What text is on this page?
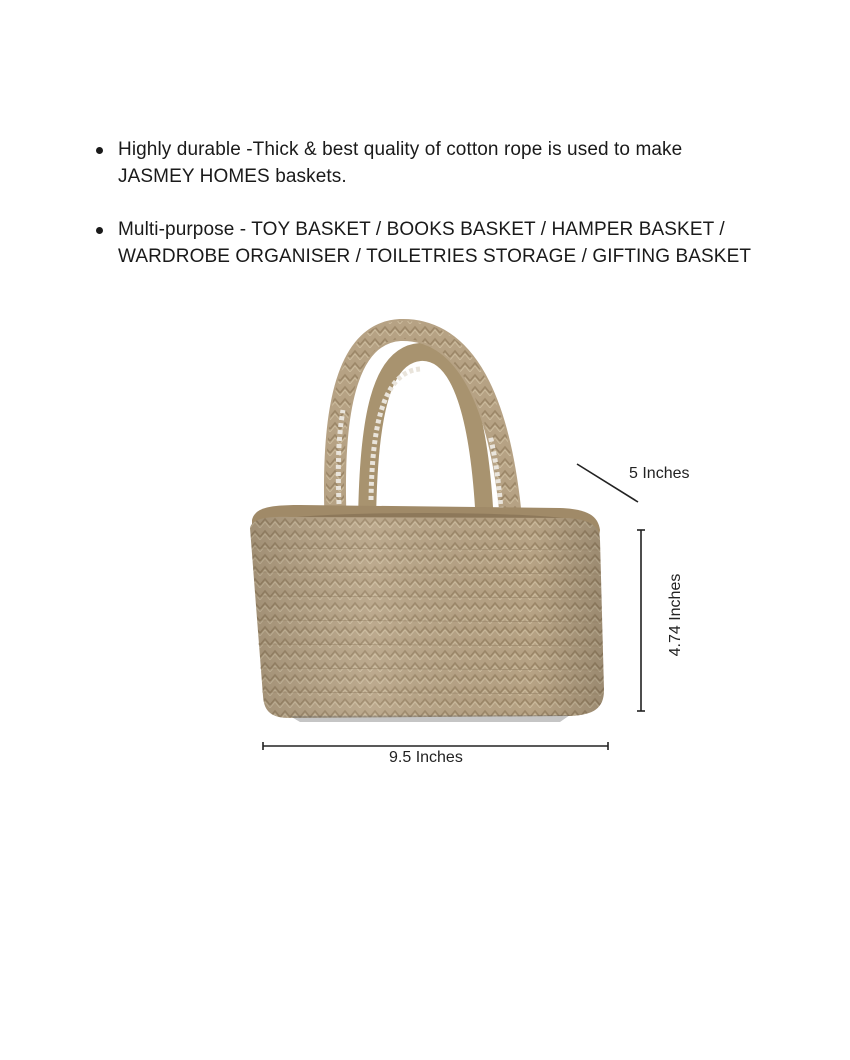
Highly durable -Thick & best quality of cotton rope is used to make
JASMEY HOMES baskets.
Multi-purpose - TOY BASKET / BOOKS BASKET / HAMPER BASKET /
WARDROBE ORGANISER / TOILETRIES STORAGE / GIFTING BASKET
5 Inches
4.74 Inches
9.5 Inches
